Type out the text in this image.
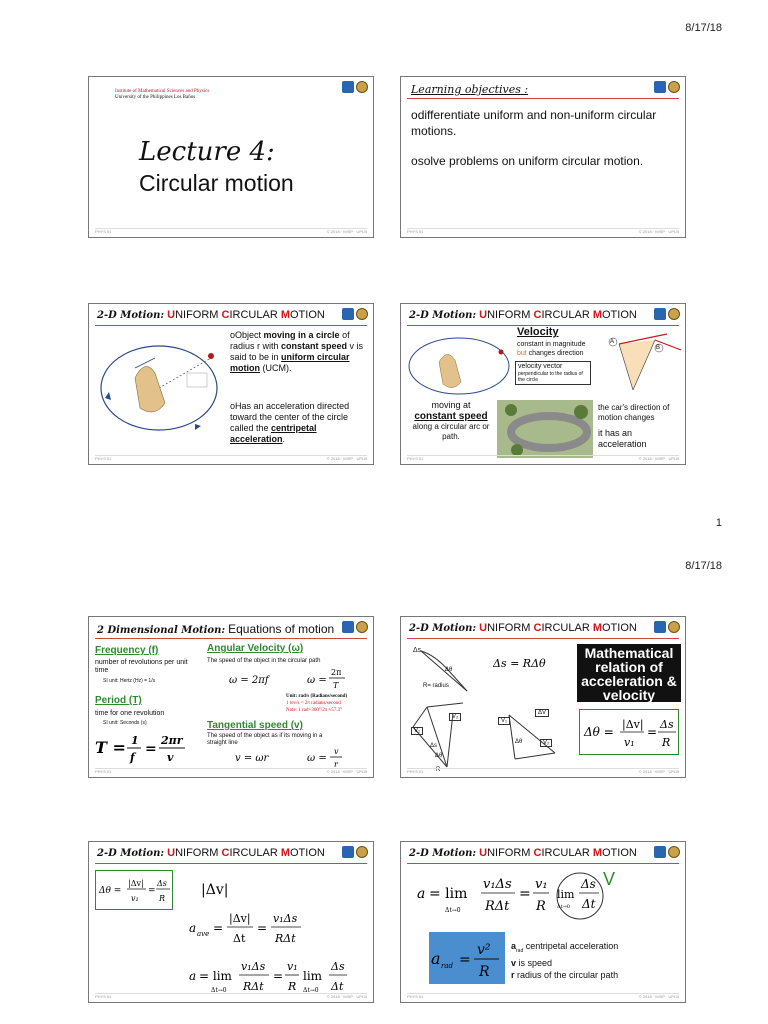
8/17/18
1
8/17/18
Institute of Mathematical Sciences and Physics
University of the Philippines Los Baños
Lecture 4:
Circular motion
PHYS 51	© 2018 · IMSP · UPLB
Learning objectives :
odifferentiate uniform and non-uniform circular motions.
osolve problems on uniform circular motion.
PHYS 51	© 2018 · IMSP · UPLB
2-D Motion: UNIFORM CIRCULAR MOTION
oObject moving in a circle of radius r with constant speed v is said to be in uniform circular motion (UCM).
oHas an acceleration directed toward the center of the circle called the centripetal acceleration.
PHYS 51	© 2018 · IMSP · UPLB
2-D Motion: UNIFORM CIRCULAR MOTION
Velocity
constant in magnitude
but changes direction
velocity vector
perpendicular to the radius of the circle
A
B
moving at
constant speed
along a circular arc or path.
the car's direction of motion changes
it has an acceleration
PHYS 51	© 2018 · IMSP · UPLB
2 Dimensional Motion: Equations of motion
Frequency (f)
number of revolutions per unit time
SI unit: Hertz (Hz) = 1/s
Period (T)
time for one revolution
SI unit: Seconds (s)
T = 1
f
=
2πr
v
Angular Velocity (ω)
The speed of the object in the circular path
ω = 2πf	ω =
2π
T
Unit: rad/s (Radians/second)
1 rev/s = 2π radians/second
Note: 1 rad=360°/2π ≈57.3°
Tangential speed (v)
The speed of the object as if its moving in a straight line
v = ωr	ω =
v
r
PHYS 51	© 2018 · IMSP · UPLB
2-D Motion: UNIFORM CIRCULAR MOTION
Δs
Δθ
R= radius
Δs = RΔθ
Mathematical relation of acceleration & velocity
V₁
V₂
Δs
Δθ
R
V₁
ΔV
Δθ	V₂
Δθ =
|Δv|
v₁
=
Δs
R
PHYS 51	© 2018 · IMSP · UPLB
2-D Motion: UNIFORM CIRCULAR MOTION
Δθ =
|Δv|
v₁
=
Δs
R
|Δv|
a ave =
|Δv|
Δt
=
v₁Δs
RΔt
a = lim
Δt→0
v₁Δs
RΔt
=
v₁
R
lim
Δt→0
Δs
Δt
PHYS 51	© 2018 · IMSP · UPLB
2-D Motion: UNIFORM CIRCULAR MOTION
a = lim
Δt→0
v₁Δs
RΔt
=
v₁
R
lim
Δt→0
Δs
Δt
V
a rad =
v²
R
$a_{rad}$ centripetal acceleration
v is speed
r radius of the circular path
PHYS 51	© 2018 · IMSP · UPLB
